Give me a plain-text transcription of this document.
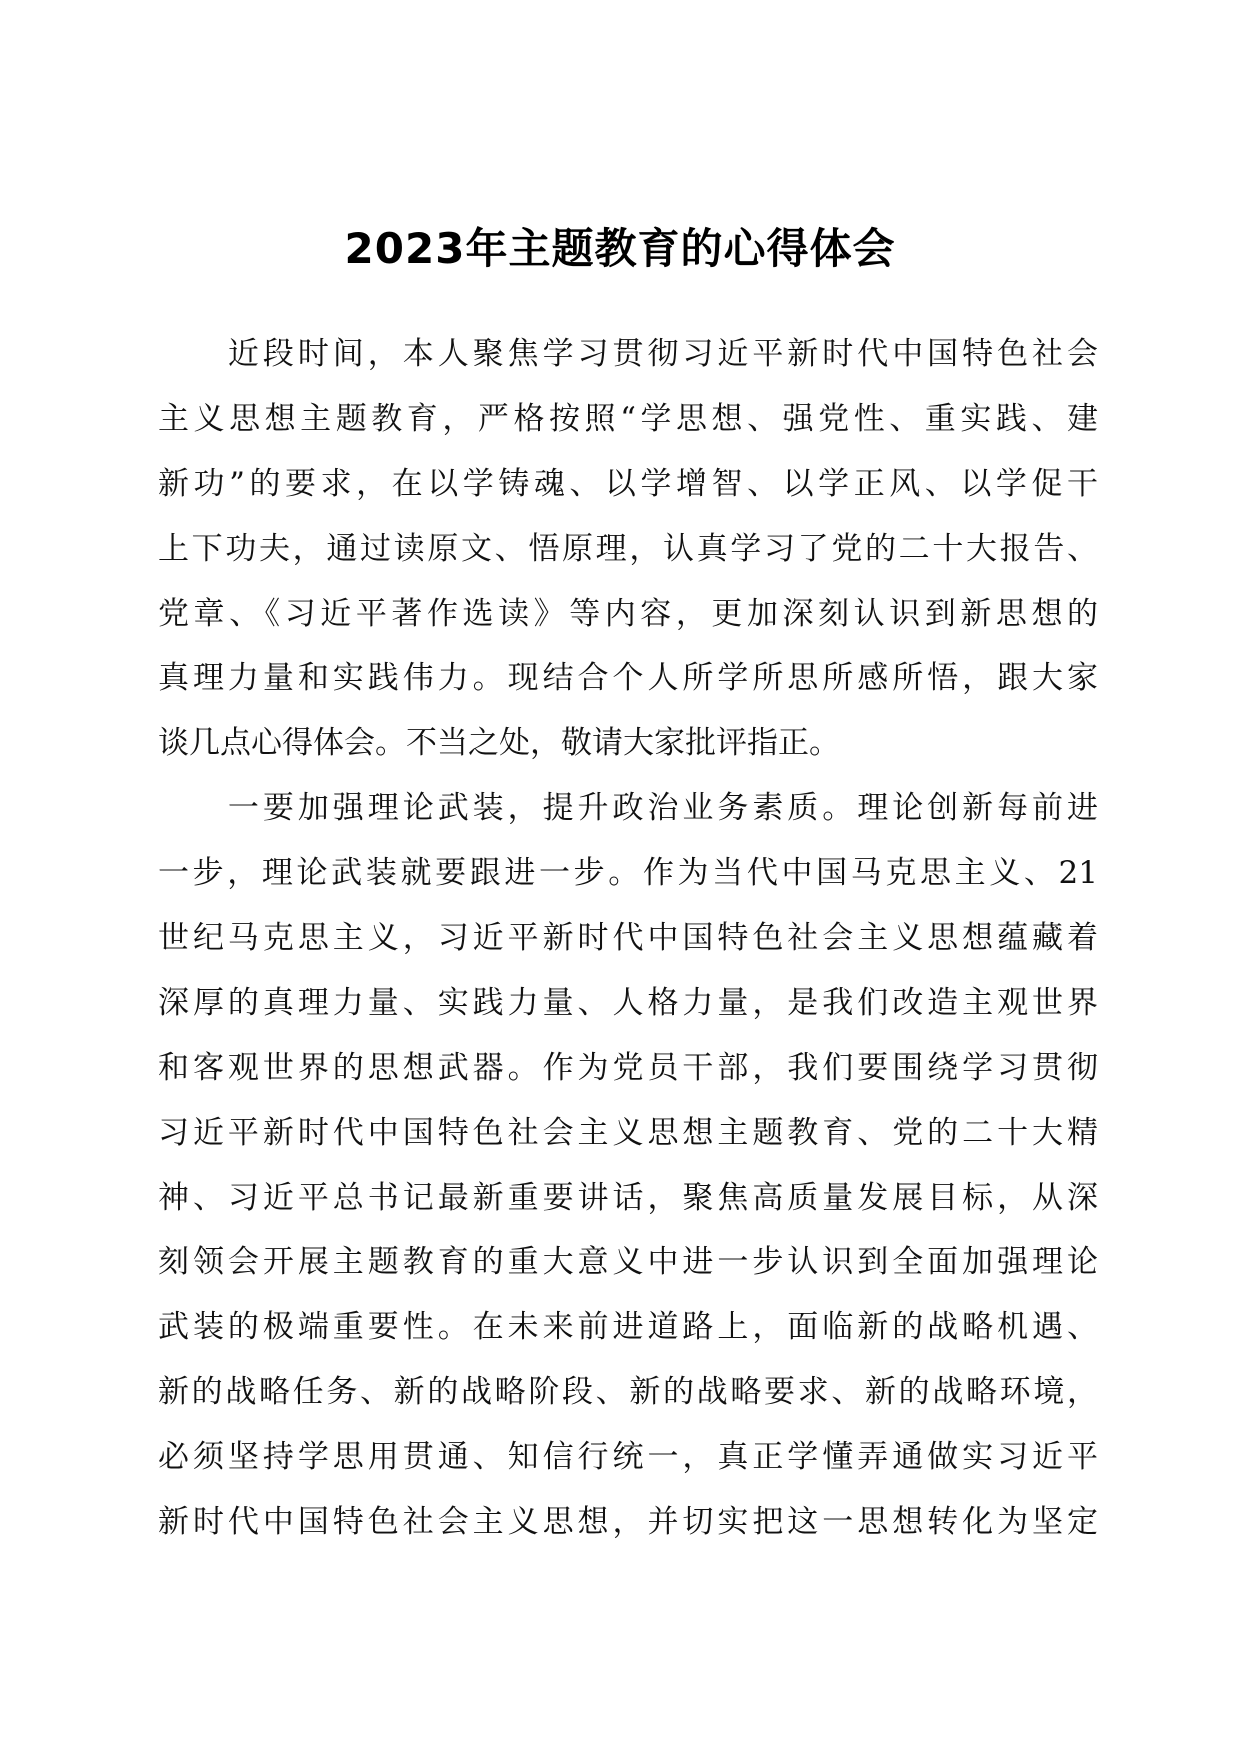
2023年主题教育的心得体会
　　近段时间，本人聚焦学习贯彻习近平新时代中国特色社会
主义思想主题教育，严格按照“学思想、强党性、重实践、建
新功”的要求，在以学铸魂、以学增智、以学正风、以学促干
上下功夫，通过读原文、悟原理，认真学习了党的二十大报告、
党章、《习近平著作选读》等内容，更加深刻认识到新思想的
真理力量和实践伟力。现结合个人所学所思所感所悟，跟大家
谈几点心得体会。不当之处，敬请大家批评指正。
　　一要加强理论武装，提升政治业务素质。理论创新每前进
一步，理论武装就要跟进一步。作为当代中国马克思主义、21
世纪马克思主义，习近平新时代中国特色社会主义思想蕴藏着
深厚的真理力量、实践力量、人格力量，是我们改造主观世界
和客观世界的思想武器。作为党员干部，我们要围绕学习贯彻
习近平新时代中国特色社会主义思想主题教育、党的二十大精
神、习近平总书记最新重要讲话，聚焦高质量发展目标，从深
刻领会开展主题教育的重大意义中进一步认识到全面加强理论
武装的极端重要性。在未来前进道路上，面临新的战略机遇、
新的战略任务、新的战略阶段、新的战略要求、新的战略环境，
必须坚持学思用贯通、知信行统一，真正学懂弄通做实习近平
新时代中国特色社会主义思想，并切实把这一思想转化为坚定
